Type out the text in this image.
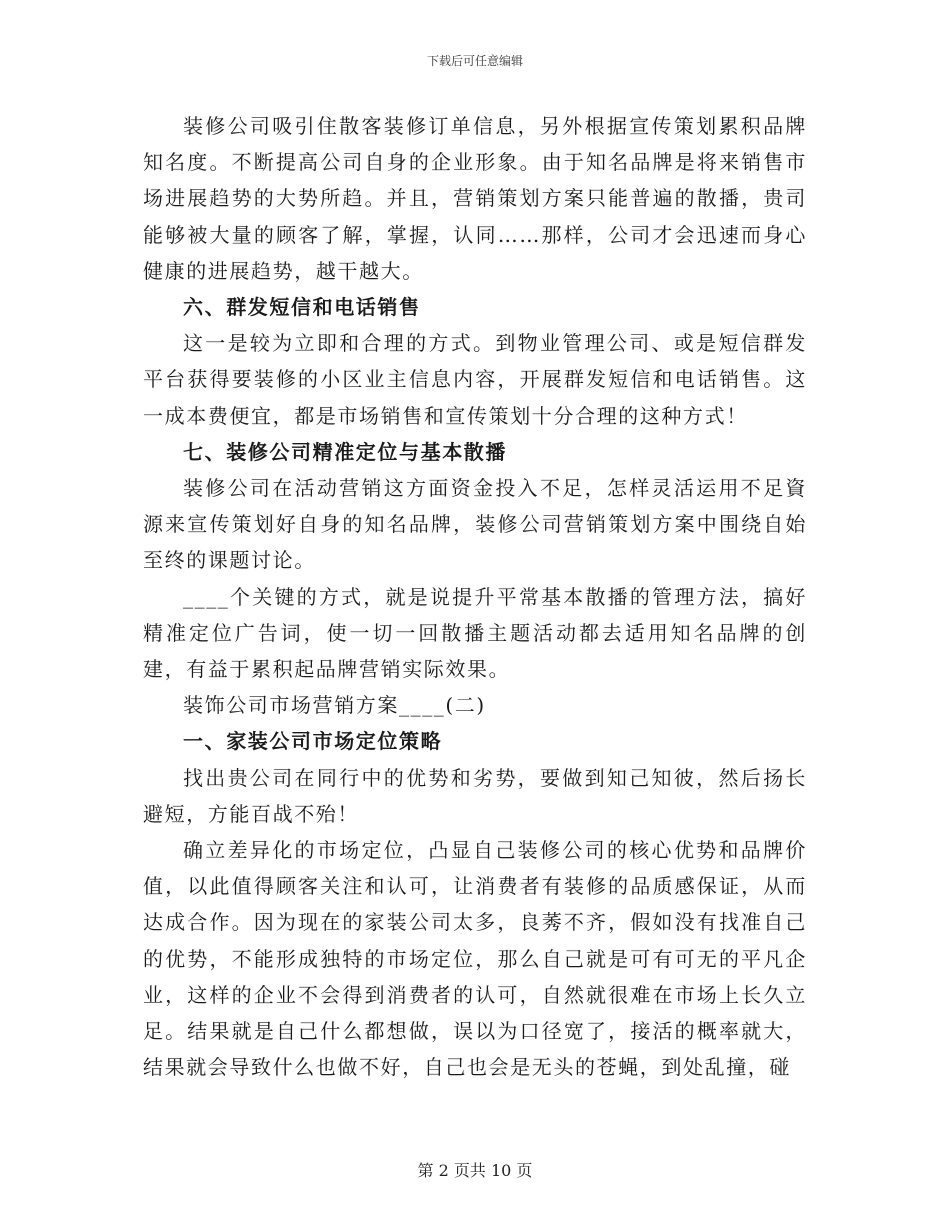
下载后可任意编辑

装修公司吸引住散客装修订单信息，另外根据宣传策划累积品牌知名度。不断提高公司自身的企业形象。由于知名品牌是将来销售市场进展趋势的大势所趋。并且，营销策划方案只能普遍的散播，贵司能够被大量的顾客了解，掌握，认同……那样，公司才会迅速而身心健康的进展趋势，越干越大。

六、群发短信和电话销售

这一是较为立即和合理的方式。到物业管理公司、或是短信群发平台获得要装修的小区业主信息内容，开展群发短信和电话销售。这一成本费便宜，都是市场销售和宣传策划十分合理的这种方式！

七、装修公司精准定位与基本散播

装修公司在活动营销这方面资金投入不足，怎样灵活运用不足資源来宣传策划好自身的知名品牌，装修公司营销策划方案中围绕自始至终的课题讨论。

____个关键的方式，就是说提升平常基本散播的管理方法，搞好精准定位广告词，使一切一回散播主题活动都去适用知名品牌的创建，有益于累积起品牌营销实际效果。

装饰公司市场营销方案____(二)

一、家装公司市场定位策略

找出贵公司在同行中的优势和劣势，要做到知己知彼，然后扬长避短，方能百战不殆！

确立差异化的市场定位，凸显自己装修公司的核心优势和品牌价值，以此值得顾客关注和认可，让消费者有装修的品质感保证，从而达成合作。因为现在的家装公司太多，良莠不齐，假如没有找准自己的优势，不能形成独特的市场定位，那么自己就是可有可无的平凡企业，这样的企业不会得到消费者的认可，自然就很难在市场上长久立足。结果就是自己什么都想做，误以为口径宽了，接活的概率就大，结果就会导致什么也做不好，自己也会是无头的苍蝇，到处乱撞，碰

第 2 页共 10 页
